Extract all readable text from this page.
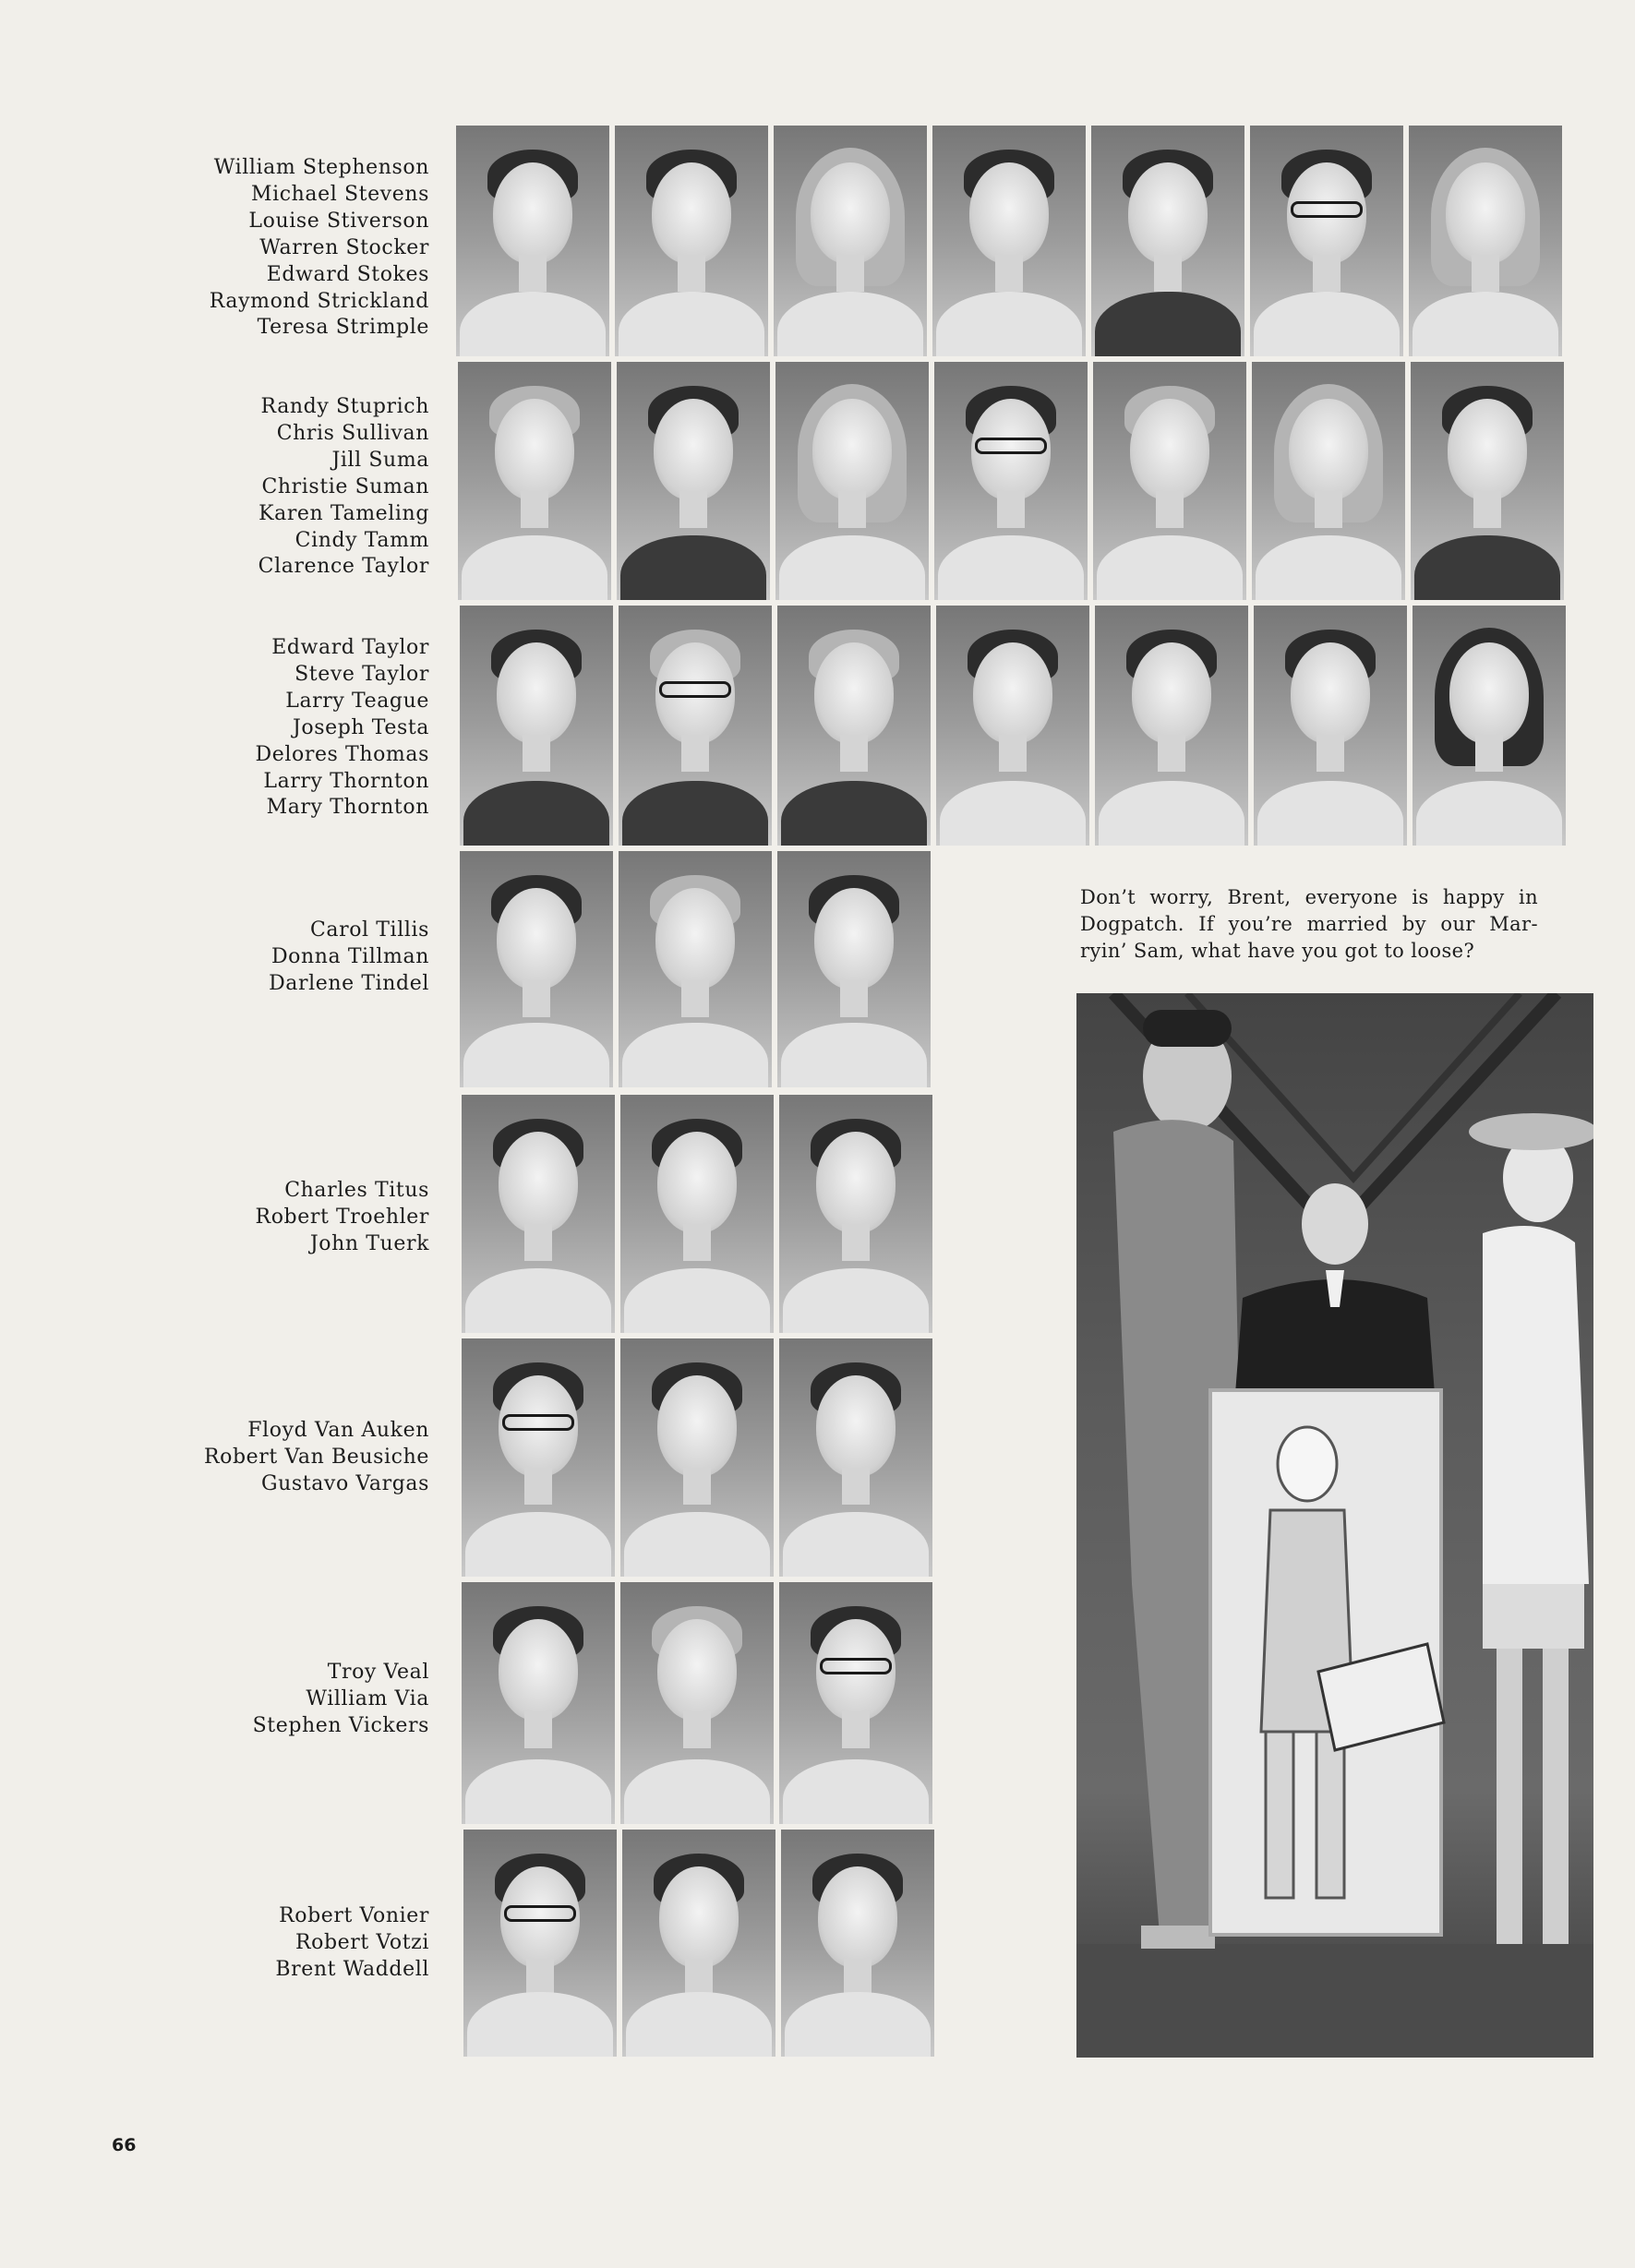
William Stephenson
Michael Stevens
Louise Stiverson
Warren Stocker
Edward Stokes
Raymond Strickland
Teresa Strimple
Randy Stuprich
Chris Sullivan
Jill Suma
Christie Suman
Karen Tameling
Cindy Tamm
Clarence Taylor
Edward Taylor
Steve Taylor
Larry Teague
Joseph Testa
Delores Thomas
Larry Thornton
Mary Thornton
Carol Tillis
Donna Tillman
Darlene Tindel
Charles Titus
Robert Troehler
John Tuerk
Floyd Van Auken
Robert Van Beusiche
Gustavo Vargas
Troy Veal
William Via
Stephen Vickers
Robert Vonier
Robert Votzi
Brent Waddell
Don’t worry, Brent, everyone is happy in Dogpatch. If you’re married by our Mar-ryin’ Sam, what have you got to loose?
66
